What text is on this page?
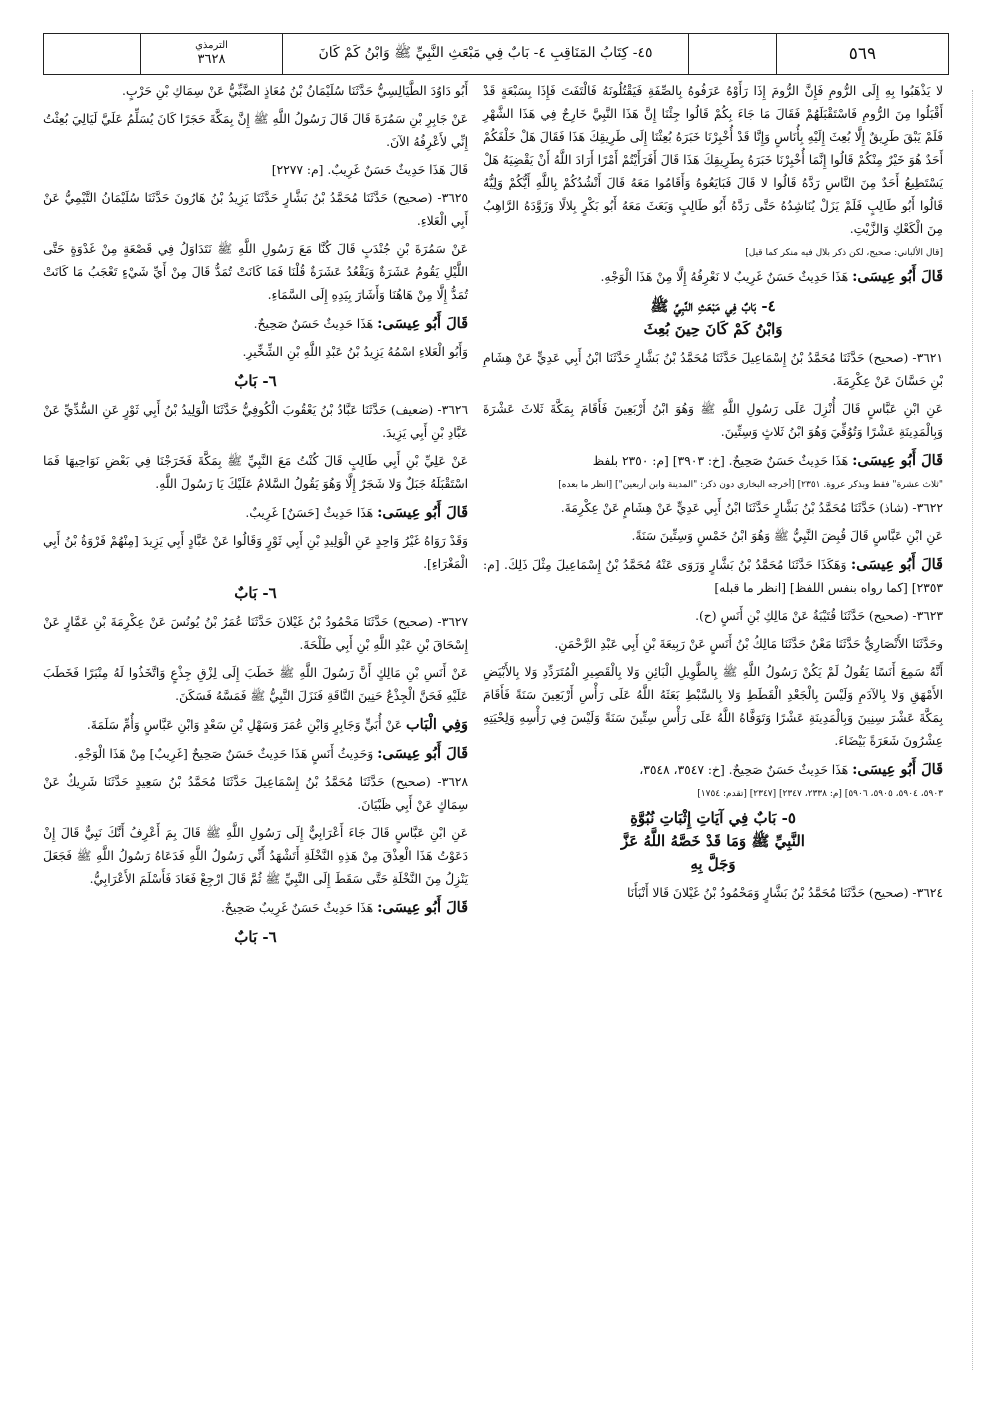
٥٦٩
٤٥- كِتَابُ المَنَاقِبِ ٤- بَابٌ فِي مَبْعَثِ النَّبِيِّ ﷺ وَابْنُ كَمْ كَانَ
الترمذي
٣٦٢٨

لا يَذْهَبُوا بِهِ إِلَى الرُّومِ فَإِنَّ الرُّومَ إِذَا رَأَوْهُ عَرَفُوهُ بِالصِّفَةِ فَيَقْتُلُونَهُ فَالْتَفَتَ فَإِذَا بِسَبْعَةٍ قَدْ أَقْبَلُوا مِنَ الرُّومِ فَاسْتَقْبَلَهُمْ فَقَالَ مَا جَاءَ بِكُمْ قَالُوا جِئْنَا إِنَّ هَذَا النَّبِيَّ خَارِجٌ فِي هَذَا الشَّهْرِ فَلَمْ يَبْقَ طَرِيقٌ إِلَّا بُعِثَ إِلَيْهِ بِأُنَاسٍ وَإِنَّا قَدْ أُخْبِرْنَا خَبَرَهُ بُعِثْنَا إِلَى طَرِيقِكَ هَذَا فَقَالَ هَلْ خَلْفَكُمْ أَحَدٌ هُوَ خَيْرٌ مِنْكُمْ قَالُوا إِنَّمَا أُخْبِرْنَا خَبَرَهُ بِطَرِيقِكَ هَذَا قَالَ أَفَرَأَيْتُمْ أَمْرًا أَرَادَ اللَّهُ أَنْ يَقْضِيَهُ هَلْ يَسْتَطِيعُ أَحَدٌ مِنَ النَّاسِ رَدَّهُ قَالُوا لا قَالَ فَبَايَعُوهُ وَأَقَامُوا مَعَهُ قَالَ أَنْشُدُكُمْ بِاللَّهِ أَيُّكُمْ وَلِيُّهُ قَالُوا أَبُو طَالِبٍ فَلَمْ يَزَلْ يُنَاشِدُهُ حَتَّى رَدَّهُ أَبُو طَالِبٍ وَبَعَثَ مَعَهُ أَبُو بَكْرٍ بِلالًا وَزَوَّدَهُ الرَّاهِبُ مِنَ الْكَعْكِ وَالزَّيْتِ.

[قال الألباني: صحيح، لكن ذكر بلال فيه منكر كما قيل]

قَالَ أَبُو عِيسَى: هَذَا حَدِيثٌ حَسَنٌ غَرِيبٌ لا نَعْرِفُهُ إِلَّا مِنْ هَذَا الْوَجْهِ.

٤- بَابٌ فِي مَبْعَثِ النَّبِيِّ ﷺ
وَابْنُ كَمْ كَانَ حِينَ بُعِثَ

٣٦٢١- (صحيح) حَدَّثَنَا مُحَمَّدُ بْنُ إِسْمَاعِيلَ حَدَّثَنَا مُحَمَّدُ بْنُ بَشَّارٍ حَدَّثَنَا ابْنُ أَبِي عَدِيٍّ عَنْ هِشَامِ بْنِ حَسَّانَ عَنْ عِكْرِمَةَ.

عَنِ ابْنِ عَبَّاسٍ قَالَ أُنْزِلَ عَلَى رَسُولِ اللَّهِ ﷺ وَهُوَ ابْنُ أَرْبَعِينَ فَأَقَامَ بِمَكَّةَ ثَلاثَ عَشْرَةَ وَبِالْمَدِينَةِ عَشْرًا وَتُوُفِّيَ وَهُوَ ابْنُ ثَلاثٍ وَسِتِّينَ.

قَالَ أَبُو عِيسَى: هَذَا حَدِيثٌ حَسَنٌ صَحِيحٌ. [خ: ٣٩٠٣] [م: ٢٣٥٠ بلفظ

"ثلاث عشرة" فقط وبذكر عروة. ٢٣٥١] [أخرجه البخاري دون ذكر: "المدينة وابن أربعين"] [انظر ما بعده]

٣٦٢٢- (شاذ) حَدَّثَنَا مُحَمَّدُ بْنُ بَشَّارٍ حَدَّثَنَا ابْنُ أَبِي عَدِيٍّ عَنْ هِشَامٍ عَنْ عِكْرِمَةَ.

عَنِ ابْنِ عَبَّاسٍ قَالَ قُبِضَ النَّبِيُّ ﷺ وَهُوَ ابْنُ خَمْسٍ وَسِتِّينَ سَنَةً.

قَالَ أَبُو عِيسَى: وَهَكَذَا حَدَّثَنَا مُحَمَّدُ بْنُ بَشَّارٍ وَرَوَى عَنْهُ مُحَمَّدُ بْنُ إِسْمَاعِيلَ مِثْلَ ذَلِكَ. [م: ٢٣٥٣] [كما رواه بنفس اللفظ] [انظر ما قبله]

٣٦٢٣- (صحيح) حَدَّثَنَا قُتَيْبَةُ عَنْ مَالِكِ بْنِ أَنَسٍ (ح).

وحَدَّثَنَا الأَنْصَارِيُّ حَدَّثَنَا مَعْنٌ حَدَّثَنَا مَالِكُ بْنُ أَنَسٍ عَنْ رَبِيعَةَ بْنِ أَبِي عَبْدِ الرَّحْمَنِ.

أَنَّهُ سَمِعَ أَنَسًا يَقُولُ لَمْ يَكُنْ رَسُولُ اللَّهِ ﷺ بِالطَّوِيلِ الْبَائِنِ وَلا بِالْقَصِيرِ الْمُتَرَدِّدِ وَلا بِالأَبْيَضِ الأَمْهَقِ وَلا بِالآدَمِ وَلَيْسَ بِالْجَعْدِ الْقَطَطِ وَلا بِالسَّبْطِ بَعَثَهُ اللَّهُ عَلَى رَأْسِ أَرْبَعِينَ سَنَةً فَأَقَامَ بِمَكَّةَ عَشْرَ سِنِينَ وَبِالْمَدِينَةِ عَشْرًا وَتَوَفَّاهُ اللَّهُ عَلَى رَأْسِ سِتِّينَ سَنَةً وَلَيْسَ فِي رَأْسِهِ وَلِحْيَتِهِ عِشْرُونَ شَعَرَةً بَيْضَاءَ.

قَالَ أَبُو عِيسَى: هَذَا حَدِيثٌ حَسَنٌ صَحِيحٌ. [خ: ٣٥٤٧، ٣٥٤٨،

٥٩٠٣، ٥٩٠٤، ٥٩٠٥، ٥٩٠٦] [م: ٢٣٣٨، ٢٣٤٧] [٢٣٤٧] [تقدم: ١٧٥٤]

٥- بَابٌ فِي آيَاتِ إِثْبَاتِ نُبُوَّةِ
النَّبِيِّ ﷺ وَمَا قَدْ خَصَّهُ اللَّهُ عَزَّ
وَجَلَّ بِهِ

٣٦٢٤- (صحيح) حَدَّثَنَا مُحَمَّدُ بْنُ بَشَّارٍ وَمَحْمُودُ بْنُ غَيْلانَ قَالا أَنْبَأَنَا

أَبُو دَاوُدَ الطَّيَالِسِيُّ حَدَّثَنَا سُلَيْمَانُ بْنُ مُعَاذٍ الضَّبِّيُّ عَنْ سِمَاكِ بْنِ حَرْبٍ.

عَنْ جَابِرِ بْنِ سَمُرَةَ قَالَ قَالَ رَسُولُ اللَّهِ ﷺ إِنَّ بِمَكَّةَ حَجَرًا كَانَ يُسَلِّمُ عَلَيَّ لَيَالِيَ بُعِثْتُ إِنِّي لأَعْرِفُهُ الآنَ.

قَالَ هَذَا حَدِيثٌ حَسَنٌ غَرِيبٌ. [م: ٢٢٧٧]

٣٦٢٥- (صحيح) حَدَّثَنَا مُحَمَّدُ بْنُ بَشَّارٍ حَدَّثَنَا يَزِيدُ بْنُ هَارُونَ حَدَّثَنَا سُلَيْمَانُ التَّيْمِيُّ عَنْ أَبِي الْعَلاءِ.

عَنْ سَمُرَةَ بْنِ جُنْدَبٍ قَالَ كُنَّا مَعَ رَسُولِ اللَّهِ ﷺ نَتَدَاوَلُ فِي قَصْعَةٍ مِنْ غَدْوَةٍ حَتَّى اللَّيْلِ يَقُومُ عَشَرَةٌ وَيَقْعُدُ عَشَرَةٌ قُلْنَا فَمَا كَانَتْ تُمَدُّ قَالَ مِنْ أَيِّ شَيْءٍ تَعْجَبُ مَا كَانَتْ تُمَدُّ إِلَّا مِنْ هَاهُنَا وَأَشَارَ بِيَدِهِ إِلَى السَّمَاءِ.

قَالَ أَبُو عِيسَى: هَذَا حَدِيثٌ حَسَنٌ صَحِيحٌ.

وَأَبُو الْعَلاءِ اسْمُهُ يَزِيدُ بْنُ عَبْدِ اللَّهِ بْنِ الشِّخِّيرِ.

٦- بَابٌ

٣٦٢٦- (ضعيف) حَدَّثَنَا عَبَّادُ بْنُ يَعْقُوبَ الْكُوفِيُّ حَدَّثَنَا الْوَلِيدُ بْنُ أَبِي ثَوْرٍ عَنِ السُّدِّيِّ عَنْ عَبَّادِ بْنِ أَبِي يَزِيدَ.

عَنْ عَلِيِّ بْنِ أَبِي طَالِبٍ قَالَ كُنْتُ مَعَ النَّبِيِّ ﷺ بِمَكَّةَ فَخَرَجْنَا فِي بَعْضِ نَوَاحِيهَا فَمَا اسْتَقْبَلَهُ جَبَلٌ وَلا شَجَرٌ إِلَّا وَهُوَ يَقُولُ السَّلامُ عَلَيْكَ يَا رَسُولَ اللَّهِ.

قَالَ أَبُو عِيسَى: هَذَا حَدِيثٌ [حَسَنٌ] غَرِيبٌ.

وَقَدْ رَوَاهُ غَيْرُ وَاحِدٍ عَنِ الْوَلِيدِ بْنِ أَبِي ثَوْرٍ وَقَالُوا عَنْ عَبَّادٍ أَبِي يَزِيدَ [مِنْهُمْ فَرْوَةُ بْنُ أَبِي الْمَغْرَاءِ].

٦- بَابٌ

٣٦٢٧- (صحيح) حَدَّثَنَا مَحْمُودُ بْنُ غَيْلانَ حَدَّثَنَا عُمَرُ بْنُ يُونُسَ عَنْ عِكْرِمَةَ بْنِ عَمَّارٍ عَنْ إِسْحَاقَ بْنِ عَبْدِ اللَّهِ بْنِ أَبِي طَلْحَةَ.

عَنْ أَنَسِ بْنِ مَالِكٍ أَنَّ رَسُولَ اللَّهِ ﷺ خَطَبَ إِلَى لِزْقِ جِذْعٍ وَاتَّخَذُوا لَهُ مِنْبَرًا فَخَطَبَ عَلَيْهِ فَحَنَّ الْجِذْعُ حَنِينَ النَّاقَةِ فَنَزَلَ النَّبِيُّ ﷺ فَمَسَّهُ فَسَكَنَ.

وَفِي الْبَاب عَنْ أُبَيٍّ وَجَابِرٍ وَابْنِ عُمَرَ وَسَهْلِ بْنِ سَعْدٍ وَابْنِ عَبَّاسٍ وَأُمِّ سَلَمَةَ.

قَالَ أَبُو عِيسَى: وَحَدِيثُ أَنَسٍ هَذَا حَدِيثٌ حَسَنٌ صَحِيحٌ [غَرِيبٌ] مِنْ هَذَا الْوَجْهِ.

٣٦٢٨- (صحيح) حَدَّثَنَا مُحَمَّدُ بْنُ إِسْمَاعِيلَ حَدَّثَنَا مُحَمَّدُ بْنُ سَعِيدٍ حَدَّثَنَا شَرِيكٌ عَنْ سِمَاكٍ عَنْ أَبِي ظَبْيَانَ.

عَنِ ابْنِ عَبَّاسٍ قَالَ جَاءَ أَعْرَابِيٌّ إِلَى رَسُولِ اللَّهِ ﷺ قَالَ بِمَ أَعْرِفُ أَنَّكَ نَبِيٌّ قَالَ إِنْ دَعَوْتُ هَذَا الْعِذْقَ مِنْ هَذِهِ النَّخْلَةِ أَتَشْهَدُ أَنِّي رَسُولُ اللَّهِ فَدَعَاهُ رَسُولُ اللَّهِ ﷺ فَجَعَلَ يَنْزِلُ مِنَ النَّخْلَةِ حَتَّى سَقَطَ إِلَى النَّبِيِّ ﷺ ثُمَّ قَالَ ارْجِعْ فَعَادَ فَأَسْلَمَ الأَعْرَابِيُّ.

قَالَ أَبُو عِيسَى: هَذَا حَدِيثٌ حَسَنٌ غَرِيبٌ صَحِيحٌ.

٦- بَابٌ
